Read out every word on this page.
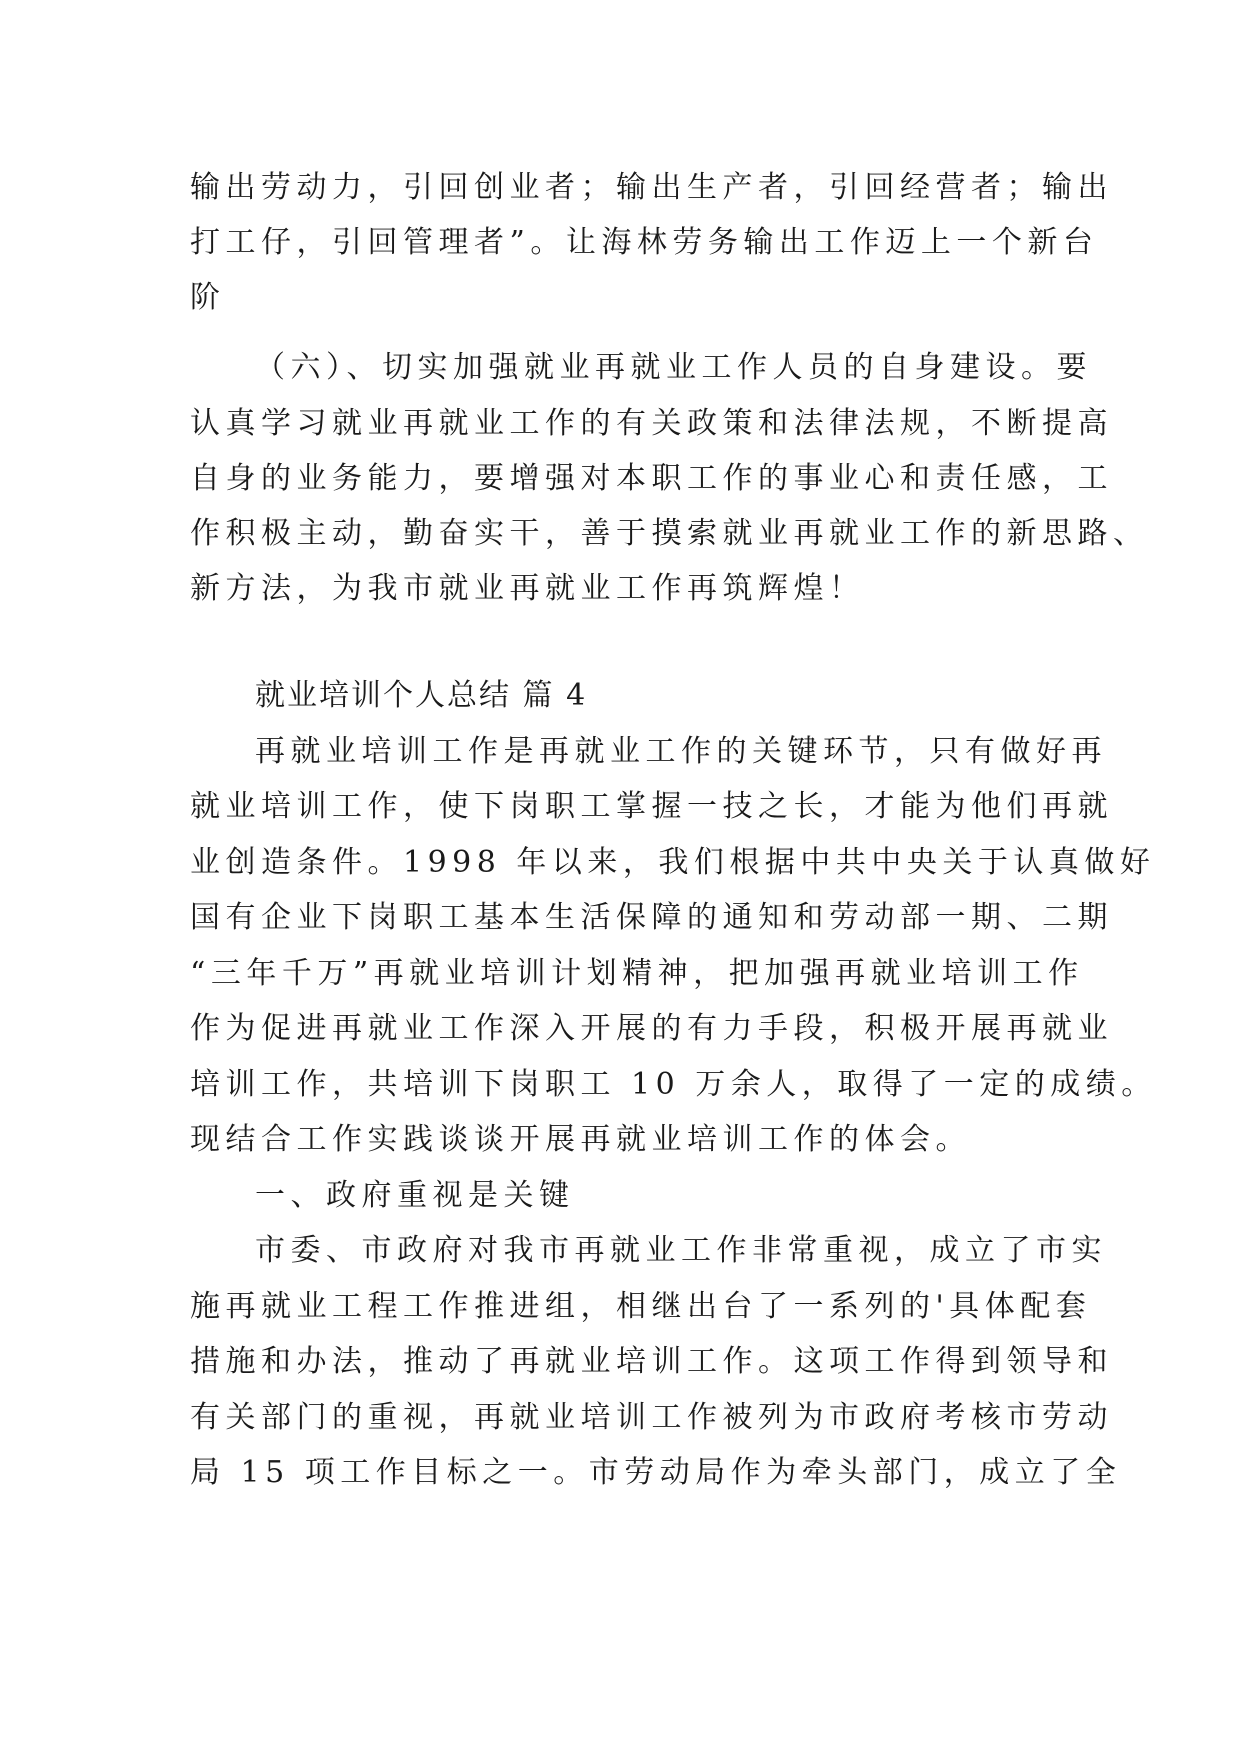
输出劳动力，引回创业者；输出生产者，引回经营者；输出
打工仔，引回管理者”。让海林劳务输出工作迈上一个新台
阶
（六）、切实加强就业再就业工作人员的自身建设。要
认真学习就业再就业工作的有关政策和法律法规，不断提高
自身的业务能力，要增强对本职工作的事业心和责任感，工
作积极主动，勤奋实干，善于摸索就业再就业工作的新思路、
新方法，为我市就业再就业工作再筑辉煌！
就业培训个人总结 篇 4
再就业培训工作是再就业工作的关键环节，只有做好再
就业培训工作，使下岗职工掌握一技之长，才能为他们再就
业创造条件。1998 年以来，我们根据中共中央关于认真做好
国有企业下岗职工基本生活保障的通知和劳动部一期、二期
“三年千万”再就业培训计划精神，把加强再就业培训工作
作为促进再就业工作深入开展的有力手段，积极开展再就业
培训工作，共培训下岗职工 10 万余人，取得了一定的成绩。
现结合工作实践谈谈开展再就业培训工作的体会。
一、政府重视是关键
市委、市政府对我市再就业工作非常重视，成立了市实
施再就业工程工作推进组，相继出台了一系列的'具体配套
措施和办法，推动了再就业培训工作。这项工作得到领导和
有关部门的重视，再就业培训工作被列为市政府考核市劳动
局 15 项工作目标之一。市劳动局作为牵头部门，成立了全
